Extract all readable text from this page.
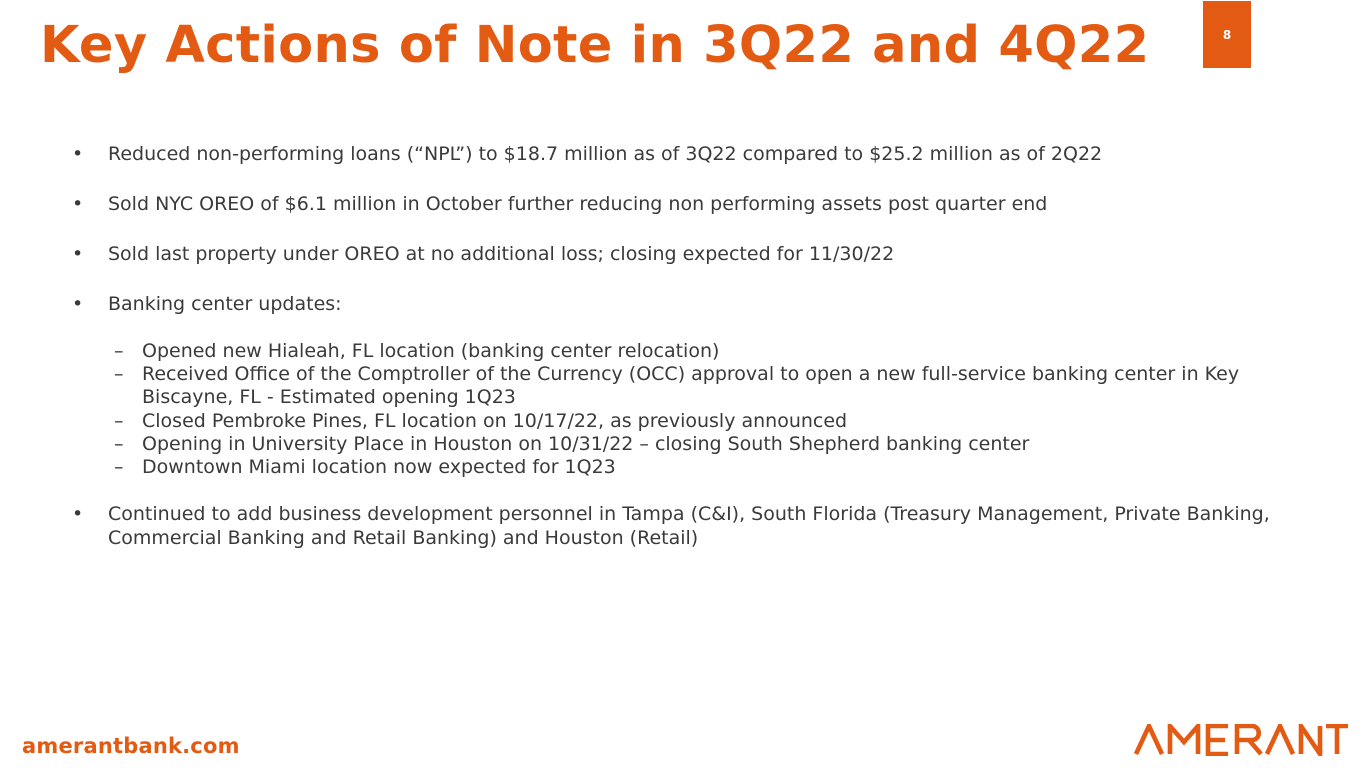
Key Actions of Note in 3Q22 and 4Q22	8
• Reduced non-performing loans (“NPL”) to $18.7 million as of 3Q22 compared to $25.2 million as of 2Q22
• Sold NYC OREO of $6.1 million in October further reducing non performing assets post quarter end
• Sold last property under OREO at no additional loss; closing expected for 11/30/22
• Banking center updates:
– Opened new Hialeah, FL location (banking center relocation)
– Received Office of the Comptroller of the Currency (OCC) approval to open a new full-service banking center in Key Biscayne, FL - Estimated opening 1Q23
– Closed Pembroke Pines, FL location on 10/17/22, as previously announced
– Opening in University Place in Houston on 10/31/22 – closing South Shepherd banking center
– Downtown Miami location now expected for 1Q23
• Continued to add business development personnel in Tampa (C&I), South Florida (Treasury Management, Private Banking, Commercial Banking and Retail Banking) and Houston (Retail)
amerantbank.com
